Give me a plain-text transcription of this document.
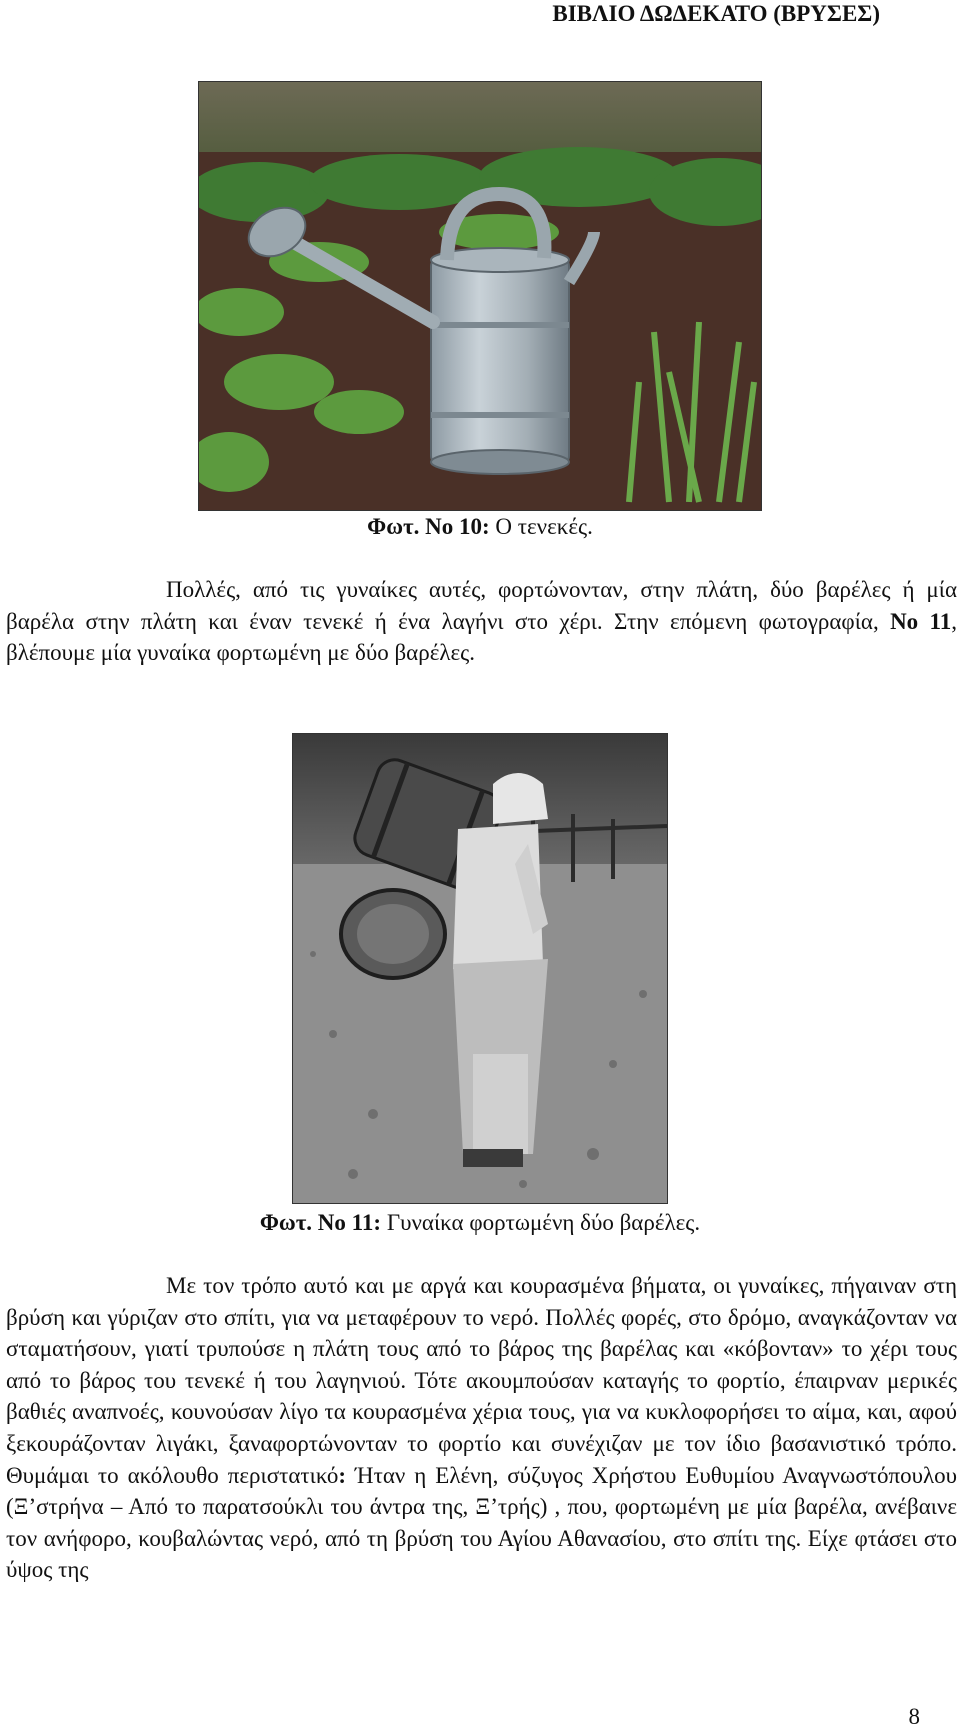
ΒΙΒΛΙΟ ΔΩΔΕΚΑΤΟ (ΒΡΥΣΕΣ)
Φωτ. Νο 10: Ο τενεκές.

Πολλές, από τις γυναίκες αυτές, φορτώνονταν, στην πλάτη, δύο βαρέλες ή μία βαρέλα στην πλάτη και έναν τενεκέ ή ένα λαγήνι στο χέρι. Στην επόμενη φωτογραφία, Νο 11, βλέπουμε μία γυναίκα φορτωμένη με δύο βαρέλες.

Φωτ. Νο 11: Γυναίκα φορτωμένη δύο βαρέλες.

Με τον τρόπο αυτό και με αργά και κουρασμένα βήματα, οι γυναίκες, πήγαιναν στη βρύση και γύριζαν στο σπίτι, για να μεταφέρουν το νερό. Πολλές φορές, στο δρόμο, αναγκάζονταν να σταματήσουν, γιατί τρυπούσε η πλάτη τους από το βάρος της βαρέλας και «κόβονταν» το χέρι τους από το βάρος του τενεκέ ή του λαγηνιού. Τότε ακουμπούσαν καταγής το φορτίο, έπαιρναν μερικές βαθιές αναπνοές, κουνούσαν λίγο τα κουρασμένα χέρια τους, για να κυκλοφορήσει το αίμα, και, αφού ξεκουράζονταν λιγάκι, ξαναφορτώνονταν το φορτίο και συνέχιζαν με τον ίδιο βασανιστικό τρόπο. Θυμάμαι το ακόλουθο περιστατικό: Ήταν η Ελένη, σύζυγος Χρήστου Ευθυμίου Αναγνωστόπουλου (Ξ’στρήνα – Από το παρατσούκλι του άντρα της, Ξ’τρής) , που, φορτωμένη με μία βαρέλα, ανέβαινε τον ανήφορο, κουβαλώντας νερό, από τη βρύση του Αγίου Αθανασίου, στο σπίτι της. Είχε φτάσει στο ύψος της

8
